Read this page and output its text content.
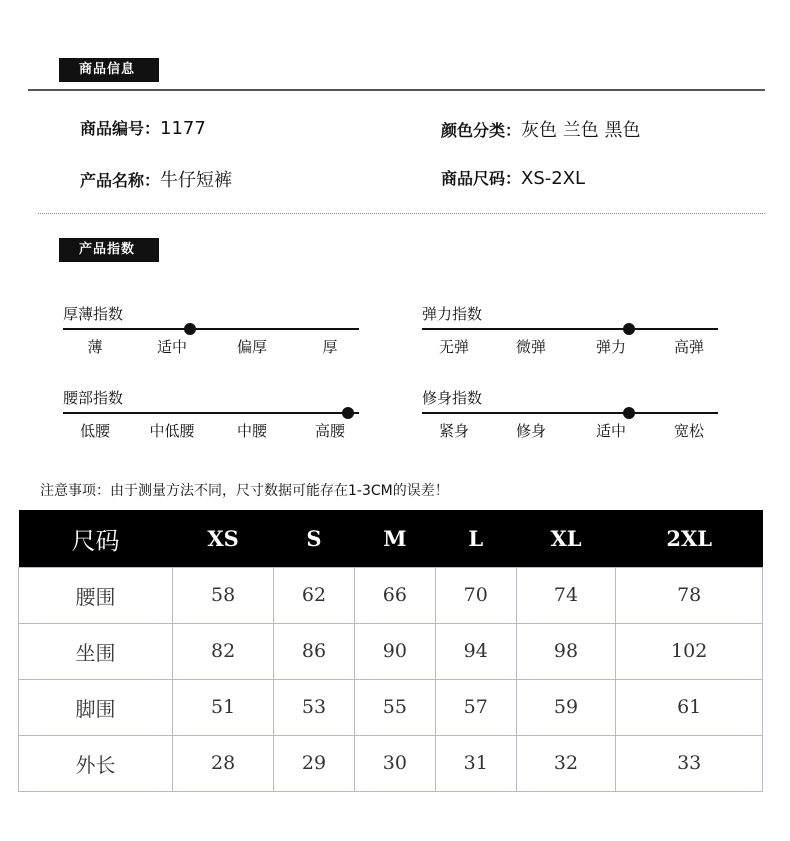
商品信息
商品编号：1177	颜色分类：灰色 兰色 黑色
产品名称：牛仔短裤	商品尺码：XS-2XL
产品指数
厚薄指数
薄	适中	偏厚	厚
弹力指数
无弹	微弹	弹力	高弹
腰部指数
低腰	中低腰	中腰	高腰
修身指数
紧身	修身	适中	宽松
注意事项：由于测量方法不同，尺寸数据可能存在1-3CM的误差！
尺码	XS	S	M	L	XL	2XL
腰围	58	62	66	70	74	78
坐围	82	86	90	94	98	102
脚围	51	53	55	57	59	61
外长	28	29	30	31	32	33
